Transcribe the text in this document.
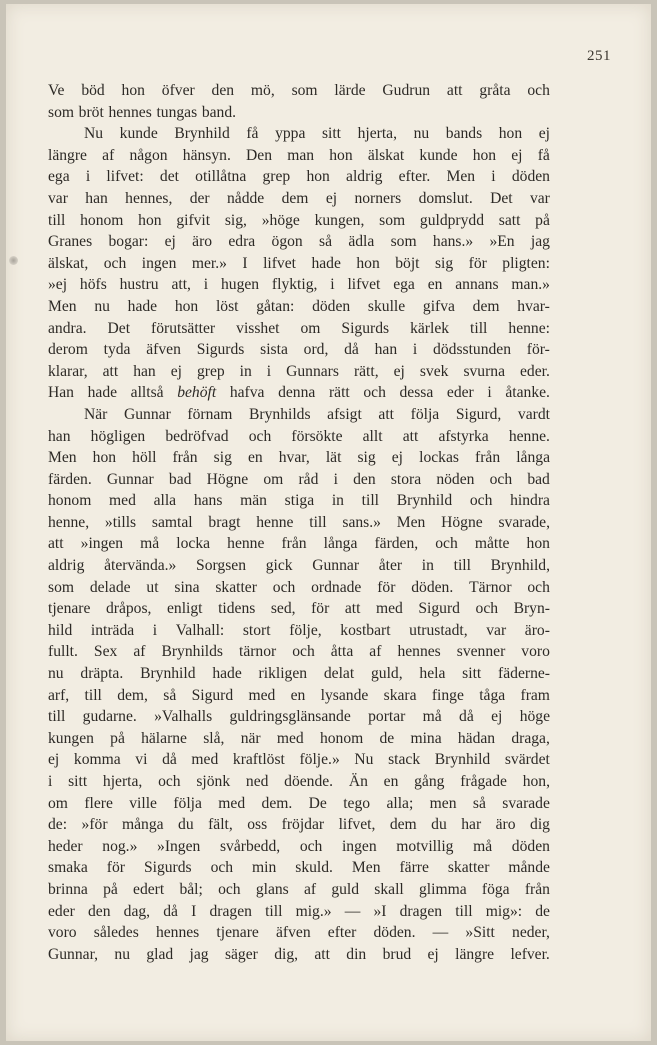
251
Ve böd hon öfver den mö, som lärde Gudrun att gråta och
som bröt hennes tungas band.
Nu kunde Brynhild få yppa sitt hjerta, nu bands hon ej
längre af någon hänsyn. Den man hon älskat kunde hon ej få
ega i lifvet: det otillåtna grep hon aldrig efter. Men i döden
var han hennes, der nådde dem ej norners domslut. Det var
till honom hon gifvit sig, »höge kungen, som guldprydd satt på
Granes bogar: ej äro edra ögon så ädla som hans.» »En jag
älskat, och ingen mer.» I lifvet hade hon böjt sig för pligten:
»ej höfs hustru att, i hugen flyktig, i lifvet ega en annans man.»
Men nu hade hon löst gåtan: döden skulle gifva dem hvar-
andra. Det förutsätter visshet om Sigurds kärlek till henne:
derom tyda äfven Sigurds sista ord, då han i dödsstunden för-
klarar, att han ej grep in i Gunnars rätt, ej svek svurna eder.
Han hade alltså behöft hafva denna rätt och dessa eder i åtanke.
När Gunnar förnam Brynhilds afsigt att följa Sigurd, vardt
han högligen bedröfvad och försökte allt att afstyrka henne.
Men hon höll från sig en hvar, lät sig ej lockas från långa
färden. Gunnar bad Högne om råd i den stora nöden och bad
honom med alla hans män stiga in till Brynhild och hindra
henne, »tills samtal bragt henne till sans.» Men Högne svarade,
att »ingen må locka henne från långa färden, och måtte hon
aldrig återvända.» Sorgsen gick Gunnar åter in till Brynhild,
som delade ut sina skatter och ordnade för döden. Tärnor och
tjenare dråpos, enligt tidens sed, för att med Sigurd och Bryn-
hild inträda i Valhall: stort följe, kostbart utrustadt, var äro-
fullt. Sex af Brynhilds tärnor och åtta af hennes svenner voro
nu dräpta. Brynhild hade rikligen delat guld, hela sitt fäderne-
arf, till dem, så Sigurd med en lysande skara finge tåga fram
till gudarne. »Valhalls guldringsglänsande portar må då ej höge
kungen på hälarne slå, när med honom de mina hädan draga,
ej komma vi då med kraftlöst följe.» Nu stack Brynhild svärdet
i sitt hjerta, och sjönk ned döende. Än en gång frågade hon,
om flere ville följa med dem. De tego alla; men så svarade
de: »för många du fält, oss fröjdar lifvet, dem du har äro dig
heder nog.» »Ingen svårbedd, och ingen motvillig må döden
smaka för Sigurds och min skuld. Men färre skatter månde
brinna på edert bål; och glans af guld skall glimma föga från
eder den dag, då I dragen till mig.» — »I dragen till mig»: de
voro således hennes tjenare äfven efter döden. — »Sitt neder,
Gunnar, nu glad jag säger dig, att din brud ej längre lefver.
